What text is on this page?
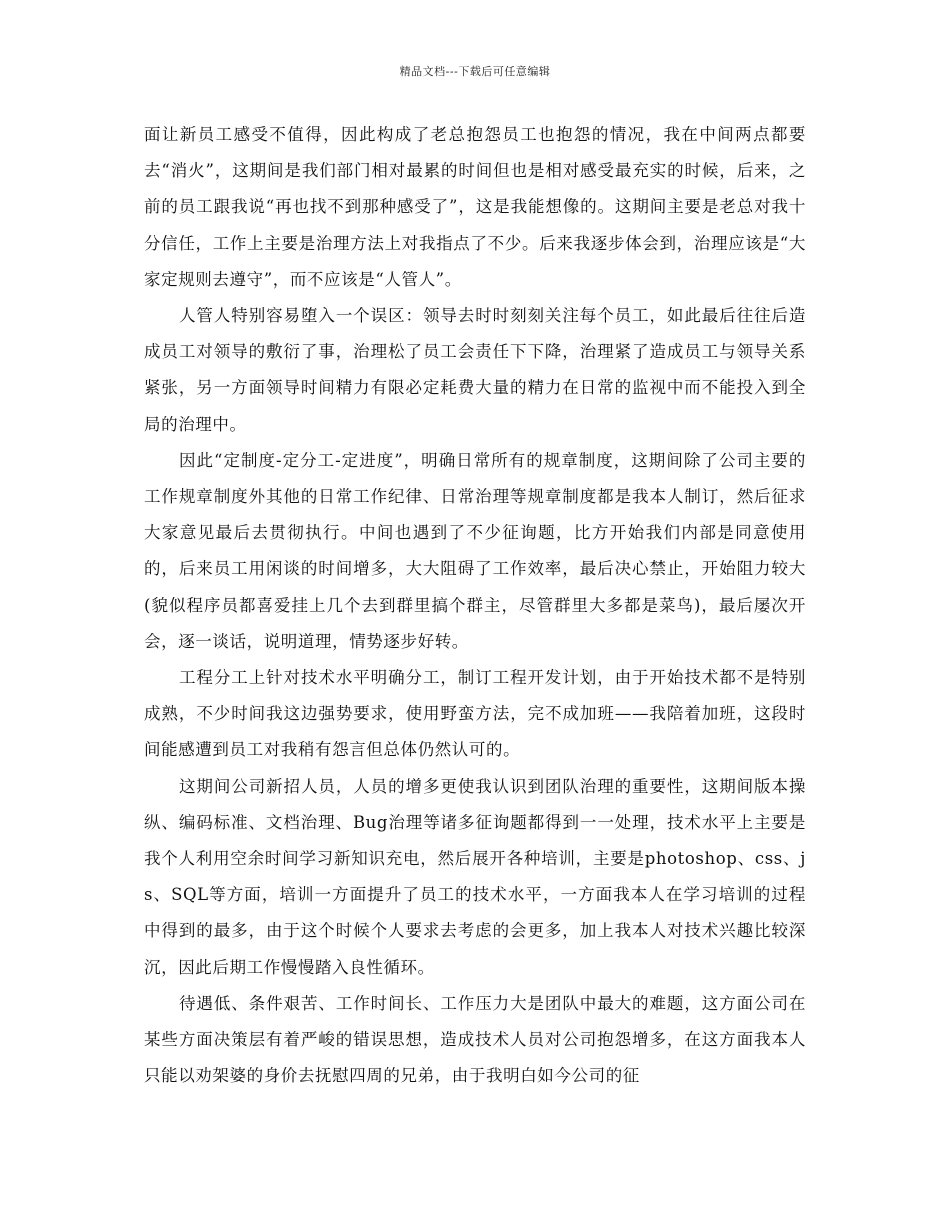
精品文档---下载后可任意编辑

面让新员工感受不值得，因此构成了老总抱怨员工也抱怨的情况，我在中间两点都要去“消火”，这期间是我们部门相对最累的时间但也是相对感受最充实的时候，后来，之前的员工跟我说“再也找不到那种感受了”，这是我能想像的。这期间主要是老总对我十分信任，工作上主要是治理方法上对我指点了不少。后来我逐步体会到，治理应该是“大家定规则去遵守”，而不应该是“人管人”。

人管人特别容易堕入一个误区：领导去时时刻刻关注每个员工，如此最后往往后造成员工对领导的敷衍了事，治理松了员工会责任下下降，治理紧了造成员工与领导关系紧张，另一方面领导时间精力有限必定耗费大量的精力在日常的监视中而不能投入到全局的治理中。

因此“定制度-定分工-定进度”，明确日常所有的规章制度，这期间除了公司主要的工作规章制度外其他的日常工作纪律、日常治理等规章制度都是我本人制订，然后征求大家意见最后去贯彻执行。中间也遇到了不少征询题，比方开始我们内部是同意使用的，后来员工用闲谈的时间增多，大大阻碍了工作效率，最后决心禁止，开始阻力较大(貌似程序员都喜爱挂上几个去到群里搞个群主，尽管群里大多都是菜鸟)，最后屡次开会，逐一谈话，说明道理，情势逐步好转。

工程分工上针对技术水平明确分工，制订工程开发计划，由于开始技术都不是特别成熟，不少时间我这边强势要求，使用野蛮方法，完不成加班——我陪着加班，这段时间能感遭到员工对我稍有怨言但总体仍然认可的。

这期间公司新招人员，人员的增多更使我认识到团队治理的重要性，这期间版本操纵、编码标准、文档治理、Bug治理等诸多征询题都得到一一处理，技术水平上主要是我个人利用空余时间学习新知识充电，然后展开各种培训，主要是photoshop、css、js、SQL等方面，培训一方面提升了员工的技术水平，一方面我本人在学习培训的过程中得到的最多，由于这个时候个人要求去考虑的会更多，加上我本人对技术兴趣比较深沉，因此后期工作慢慢踏入良性循环。

待遇低、条件艰苦、工作时间长、工作压力大是团队中最大的难题，这方面公司在某些方面决策层有着严峻的错误思想，造成技术人员对公司抱怨增多，在这方面我本人只能以劝架婆的身价去抚慰四周的兄弟，由于我明白如今公司的征
